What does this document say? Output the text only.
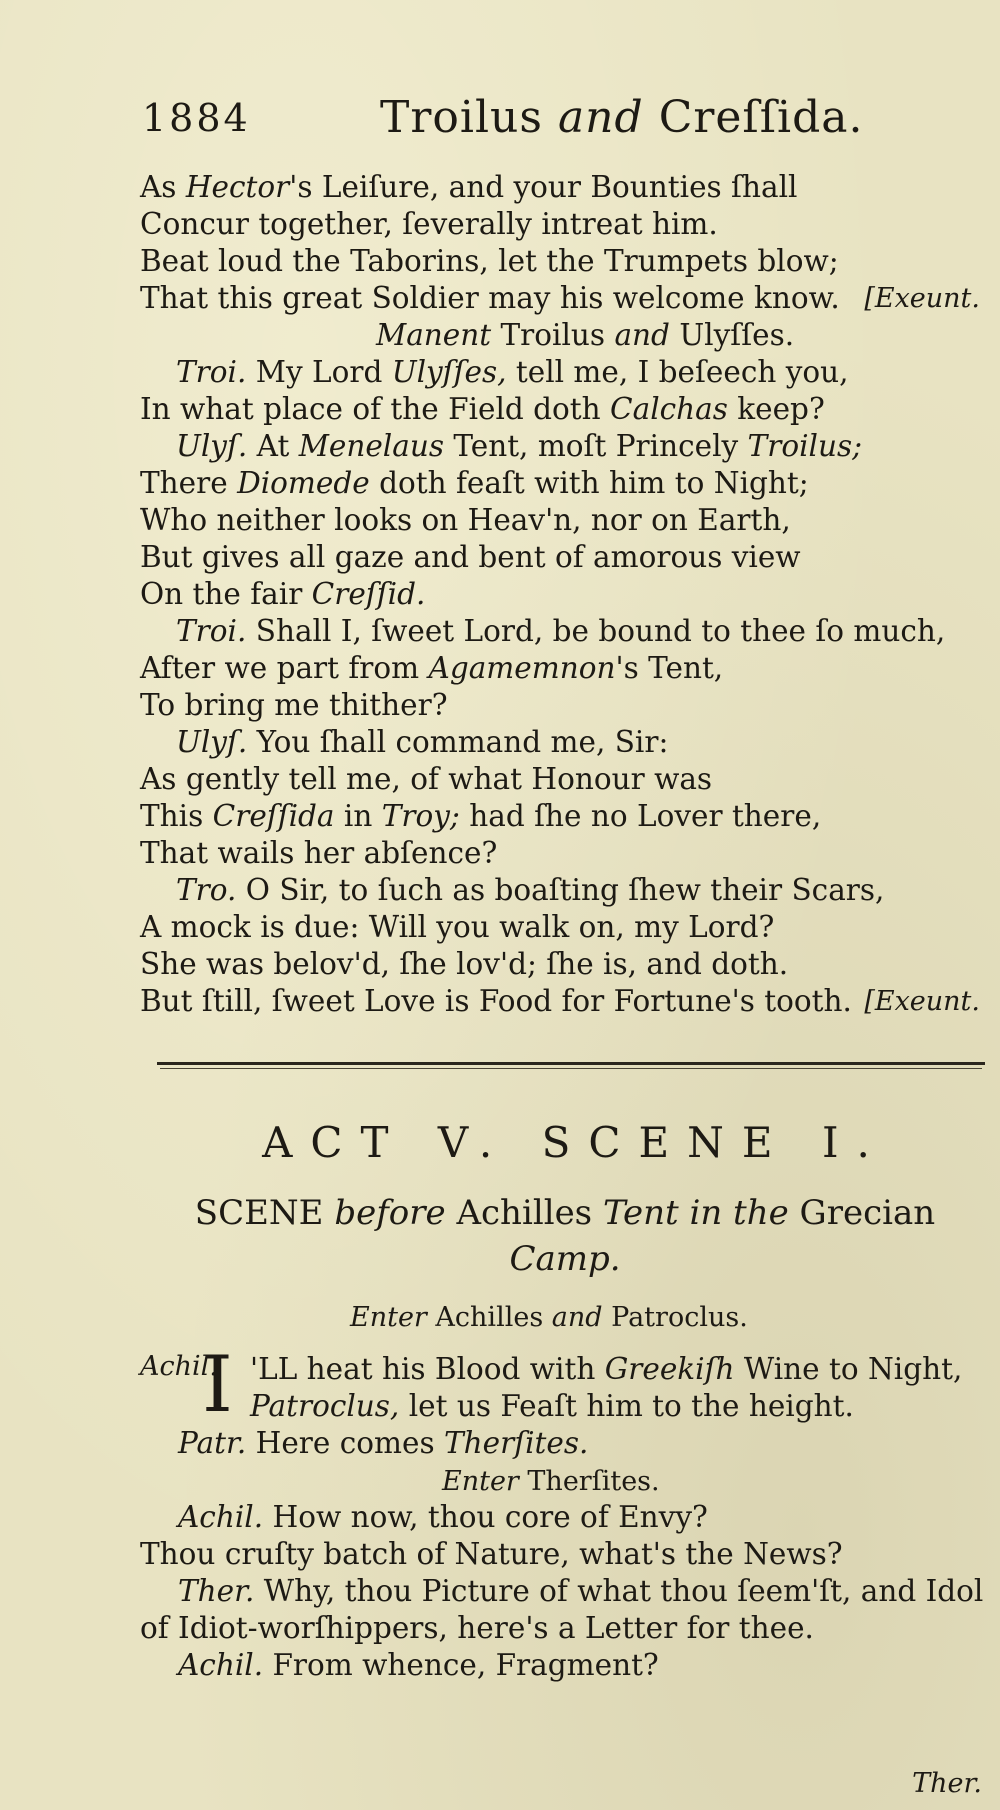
1884	Troilus and Creſſida.
As Hector's Leiſure, and your Bounties ſhall
Concur together, ſeverally intreat him.
Beat loud the Taborins, let the Trumpets blow;
That this great Soldier may his welcome know. [Exeunt.
Manent Troilus and Ulyſſes.
Troi. My Lord Ulyſſes, tell me, I beſeech you,
In what place of the Field doth Calchas keep?
Ulyſ. At Menelaus Tent, moſt Princely Troilus;
There Diomede doth feaſt with him to Night;
Who neither looks on Heav'n, nor on Earth,
But gives all gaze and bent of amorous view
On the fair Creſſid.
Troi. Shall I, ſweet Lord, be bound to thee ſo much,
After we part from Agamemnon's Tent,
To bring me thither?
Ulyſ. You ſhall command me, Sir:
As gently tell me, of what Honour was
This Creſſida in Troy; had ſhe no Lover there,
That wails her abſence?
Tro. O Sir, to ſuch as boaſting ſhew their Scars,
A mock is due: Will you walk on, my Lord?
She was belov'd, ſhe lov'd; ſhe is, and doth.
But ſtill, ſweet Love is Food for Fortune's tooth. [Exeunt.
ACT V. SCENE I.
SCENE before Achilles Tent in the Grecian
Camp.
Enter Achilles and Patroclus.
Achil.
I 'LL heat his Blood with Greekiſh Wine to Night,
Patroclus, let us Feaſt him to the height.
Patr. Here comes Therſites.
Enter Therſites.
Achil. How now, thou core of Envy?
Thou cruſty batch of Nature, what's the News?
Ther. Why, thou Picture of what thou ſeem'ſt, and Idol
of Idiot-worſhippers, here's a Letter for thee.
Achil. From whence, Fragment?
Ther.
